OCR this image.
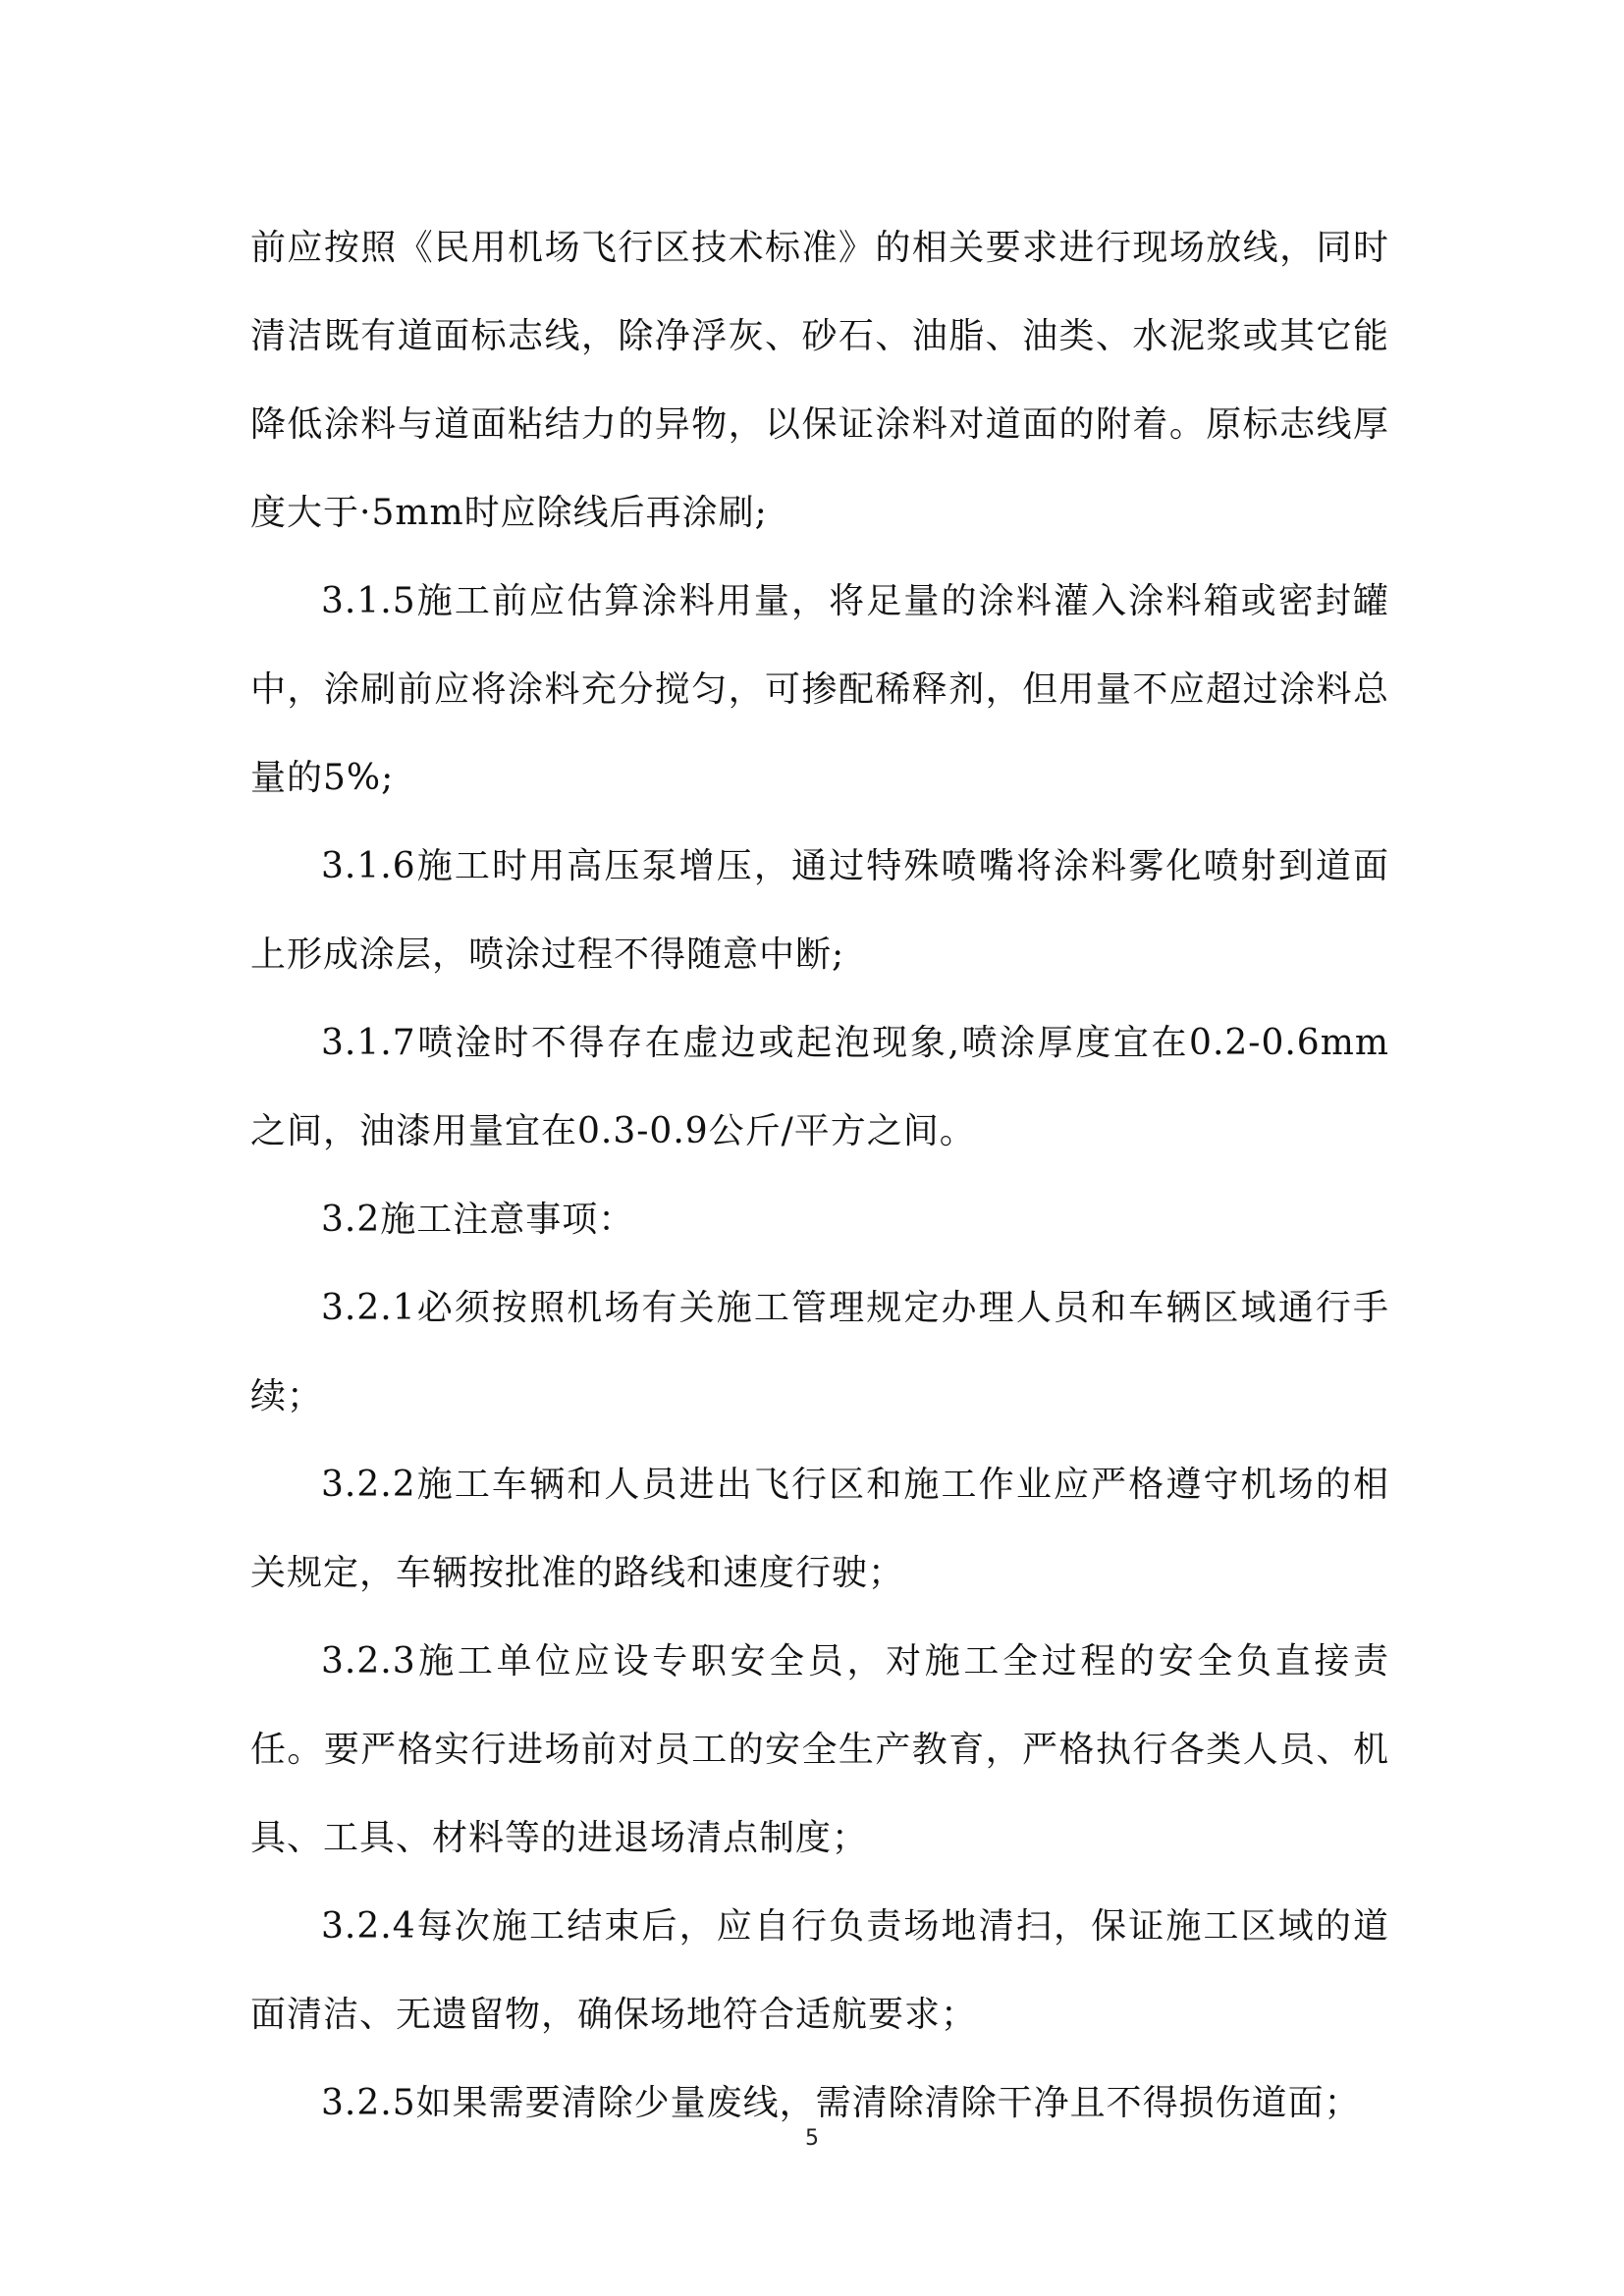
前应按照《民用机场飞行区技术标准》的相关要求进行现场放线，同时清洁既有道面标志线，除净浮灰、砂石、油脂、油类、水泥浆或其它能降低涂料与道面粘结力的异物，以保证涂料对道面的附着。原标志线厚度大于·5mm时应除线后再涂刷;

3.1.5施工前应估算涂料用量，将足量的涂料灌入涂料箱或密封罐中，涂刷前应将涂料充分搅匀，可掺配稀释剂，但用量不应超过涂料总量的5%;

3.1.6施工时用高压泵增压，通过特殊喷嘴将涂料雾化喷射到道面上形成涂层，喷涂过程不得随意中断;

3.1.7喷淦时不得存在虚边或起泡现象,喷涂厚度宜在0.2-0.6mm之间，油漆用量宜在0.3-0.9公斤/平方之间。

3.2施工注意事项：

3.2.1必须按照机场有关施工管理规定办理人员和车辆区域通行手续；

3.2.2施工车辆和人员进出飞行区和施工作业应严格遵守机场的相关规定，车辆按批准的路线和速度行驶；

3.2.3施工单位应设专职安全员，对施工全过程的安全负直接责任。要严格实行进场前对员工的安全生产教育，严格执行各类人员、机具、工具、材料等的进退场清点制度；

3.2.4每次施工结束后，应自行负责场地清扫，保证施工区域的道面清洁、无遗留物，确保场地符合适航要求；

3.2.5如果需要清除少量废线，需清除清除干净且不得损伤道面；

5
